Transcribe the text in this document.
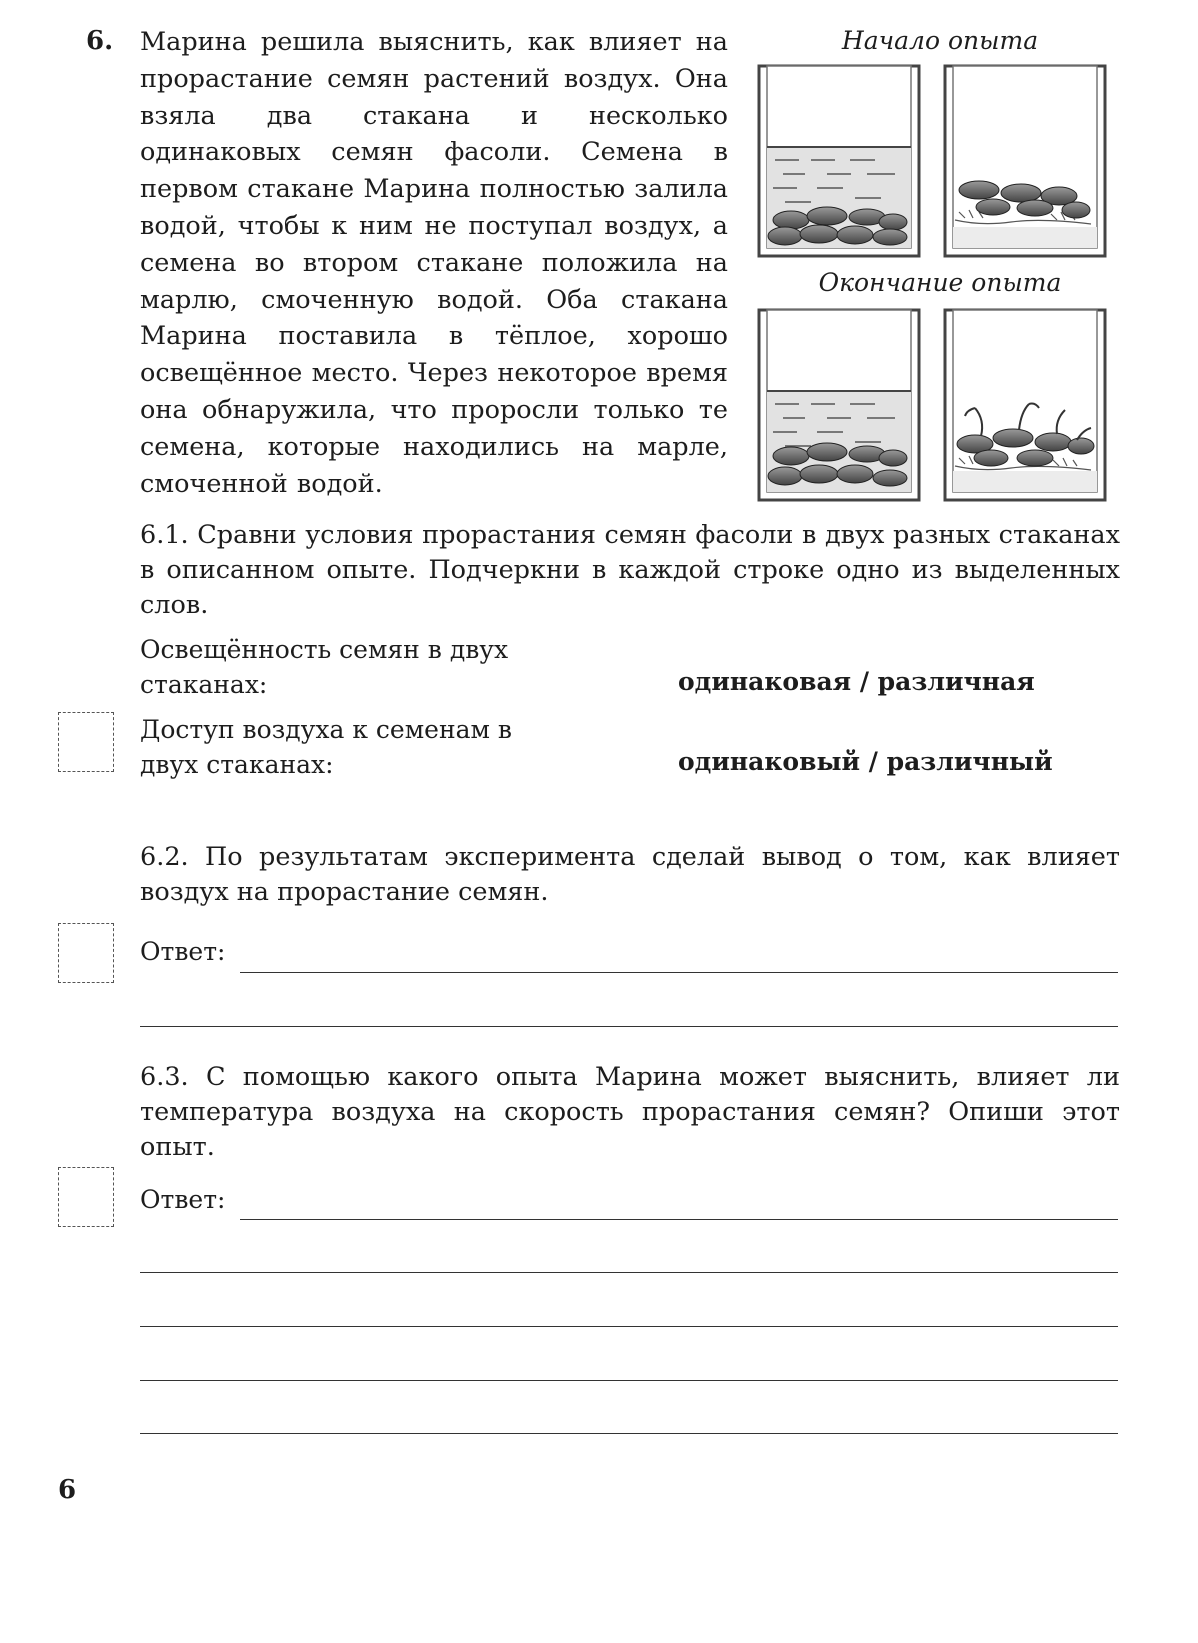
6. Марина решила выяснить, как влияет на прорастание семян растений воздух. Она взяла два стакана и несколько одинаковых семян фасоли. Семена в первом стакане Марина полностью залила водой, чтобы к ним не поступал воздух, а семена во втором стакане положила на марлю, смоченную водой. Оба стакана Марина поставила в тёплое, хорошо освещённое место. Через некоторое время она обнаружила, что проросли только те семена, которые находились на марле, смоченной водой.
Начало опыта
Окончание опыта
6.1. Сравни условия прорастания семян фасоли в двух разных стаканах в описанном опыте. Подчеркни в каждой строке одно из выделенных слов.
Освещённость семян в двух стаканах:	одинаковая / различная
Доступ воздуха к семенам в двух стаканах:	одинаковый / различный
6.2. По результатам эксперимента сделай вывод о том, как влияет воздух на прорастание семян.
Ответ:
6.3. С помощью какого опыта Марина может выяснить, влияет ли температура воздуха на скорость прорастания семян? Опиши этот опыт.
Ответ:
6
